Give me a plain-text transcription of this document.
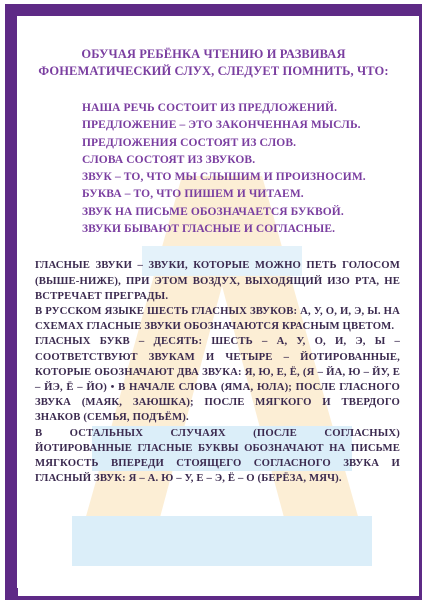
ОБУЧАЯ РЕБЁНКА ЧТЕНИЮ И РАЗВИВАЯ ФОНЕМАТИЧЕСКИЙ СЛУХ, СЛЕДУЕТ ПОМНИТЬ, ЧТО:
НАША РЕЧЬ СОСТОИТ ИЗ ПРЕДЛОЖЕНИЙ.
ПРЕДЛОЖЕНИЕ – ЭТО ЗАКОНЧЕННАЯ МЫСЛЬ.
ПРЕДЛОЖЕНИЯ СОСТОЯТ ИЗ СЛОВ.
СЛОВА СОСТОЯТ ИЗ ЗВУКОВ.
ЗВУК – ТО, ЧТО МЫ СЛЫШИМ И ПРОИЗНОСИМ.
БУКВА – ТО, ЧТО ПИШЕМ И ЧИТАЕМ.
ЗВУК НА ПИСЬМЕ ОБОЗНАЧАЕТСЯ БУКВОЙ.
ЗВУКИ БЫВАЮТ ГЛАСНЫЕ И СОГЛАСНЫЕ.

ГЛАСНЫЕ ЗВУКИ – ЗВУКИ, КОТОРЫЕ МОЖНО ПЕТЬ ГОЛОСОМ (ВЫШЕ-НИЖЕ), ПРИ ЭТОМ ВОЗДУХ, ВЫХОДЯЩИЙ ИЗО РТА, НЕ ВСТРЕЧАЕТ ПРЕГРАДЫ.

В РУССКОМ ЯЗЫКЕ ШЕСТЬ ГЛАСНЫХ ЗВУКОВ: А, У, О, И, Э, Ы. НА СХЕМАХ ГЛАСНЫЕ ЗВУКИ ОБОЗНАЧАЮТСЯ КРАСНЫМ ЦВЕТОМ.

ГЛАСНЫХ БУКВ – ДЕСЯТЬ: ШЕСТЬ – А, У, О, И, Э, Ы – СООТВЕТСТВУЮТ ЗВУКАМ И ЧЕТЫРЕ – ЙОТИРОВАННЫЕ, КОТОРЫЕ ОБОЗНАЧАЮТ ДВА ЗВУКА: Я, Ю, Е, Ё, (Я – ЙА, Ю – ЙУ, Е – ЙЭ, Ё – ЙО) • В НАЧАЛЕ СЛОВА (ЯМА, ЮЛА); ПОСЛЕ ГЛАСНОГО ЗВУКА (МАЯК, ЗАЮШКА); ПОСЛЕ МЯГКОГО И ТВЕРДОГО ЗНАКОВ (СЕМЬЯ, ПОДЪЁМ).

В ОСТАЛЬНЫХ СЛУЧАЯХ (ПОСЛЕ СОГЛАСНЫХ) ЙОТИРОВАННЫЕ ГЛАСНЫЕ БУКВЫ ОБОЗНАЧАЮТ НА ПИСЬМЕ МЯГКОСТЬ ВПЕРЕДИ СТОЯЩЕГО СОГЛАСНОГО ЗВУКА И ГЛАСНЫЙ ЗВУК: Я – А. Ю – У, Е – Э, Ё – О (БЕРЁЗА, МЯЧ).
